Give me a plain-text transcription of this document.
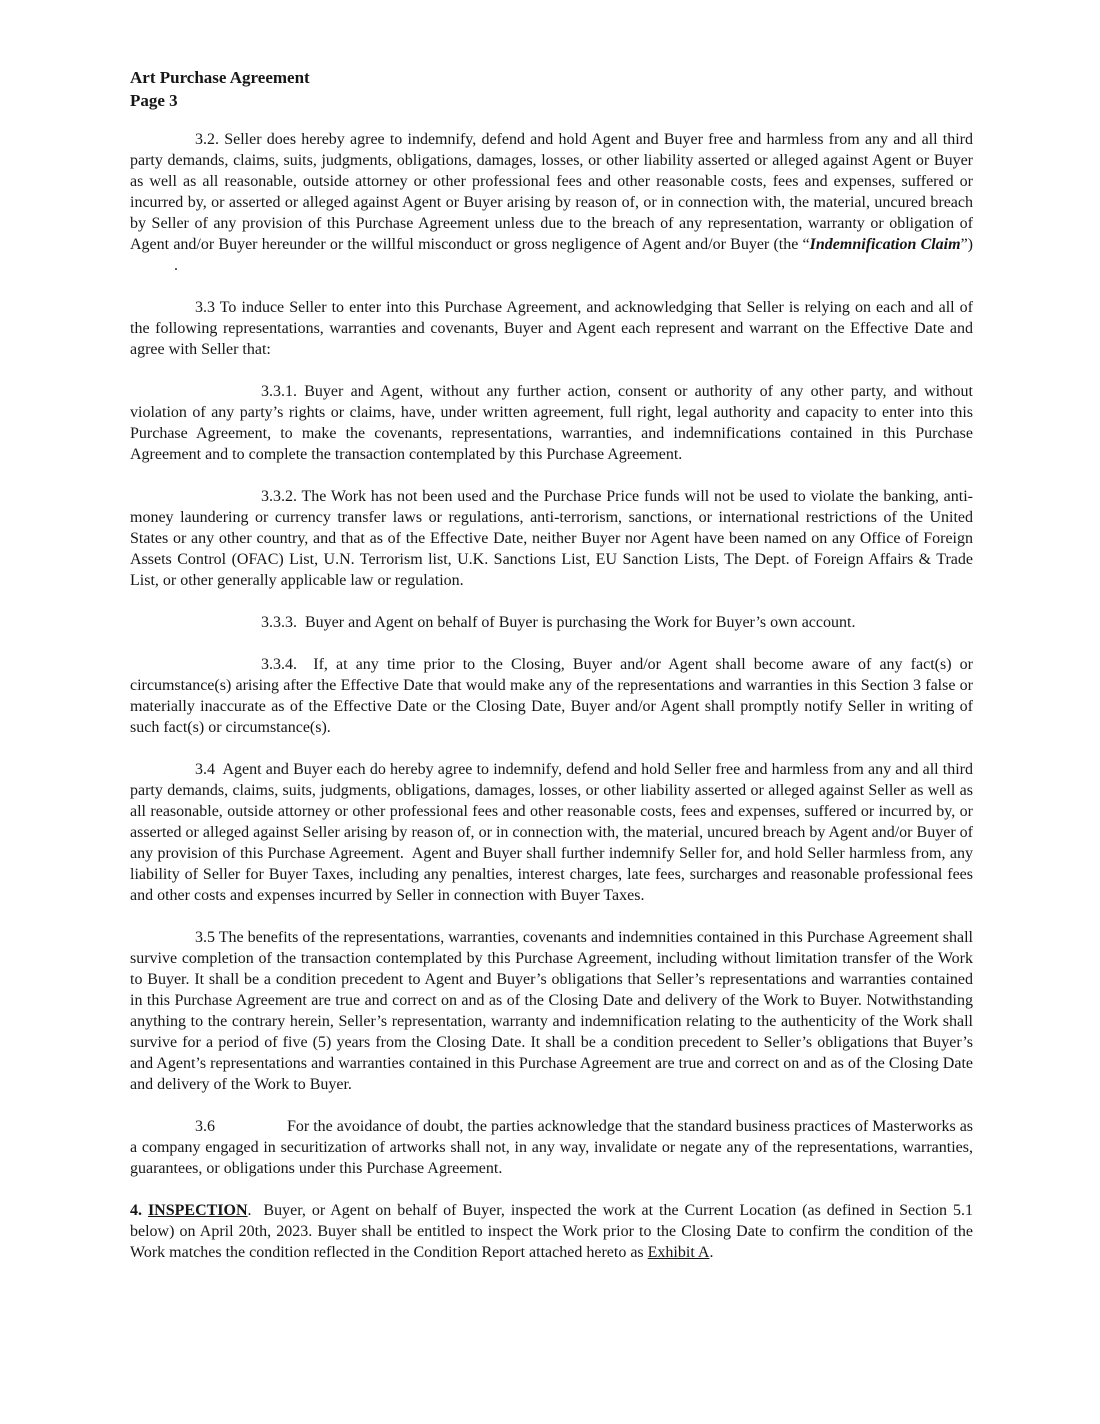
Art Purchase Agreement
Page 3

3.2. Seller does hereby agree to indemnify, defend and hold Agent and Buyer free and harmless from any and all third party demands, claims, suits, judgments, obligations, damages, losses, or other liability asserted or alleged against Agent or Buyer as well as all reasonable, outside attorney or other professional fees and other reasonable costs, fees and expenses, suffered or incurred by, or asserted or alleged against Agent or Buyer arising by reason of, or in connection with, the material, uncured breach by Seller of any provision of this Purchase Agreement unless due to the breach of any representation, warranty or obligation of Agent and/or Buyer hereunder or the willful misconduct or gross negligence of Agent and/or Buyer (the “Indemnification Claim”).

3.3 To induce Seller to enter into this Purchase Agreement, and acknowledging that Seller is relying on each and all of the following representations, warranties and covenants, Buyer and Agent each represent and warrant on the Effective Date and agree with Seller that:

3.3.1. Buyer and Agent, without any further action, consent or authority of any other party, and without violation of any party’s rights or claims, have, under written agreement, full right, legal authority and capacity to enter into this Purchase Agreement, to make the covenants, representations, warranties, and indemnifications contained in this Purchase Agreement and to complete the transaction contemplated by this Purchase Agreement.

3.3.2. The Work has not been used and the Purchase Price funds will not be used to violate the banking, anti-money laundering or currency transfer laws or regulations, anti-terrorism, sanctions, or international restrictions of the United States or any other country, and that as of the Effective Date, neither Buyer nor Agent have been named on any Office of Foreign Assets Control (OFAC) List, U.N. Terrorism list, U.K. Sanctions List, EU Sanction Lists, The Dept. of Foreign Affairs & Trade List, or other generally applicable law or regulation.

3.3.3.  Buyer and Agent on behalf of Buyer is purchasing the Work for Buyer’s own account.

3.3.4.  If, at any time prior to the Closing, Buyer and/or Agent shall become aware of any fact(s) or circumstance(s) arising after the Effective Date that would make any of the representations and warranties in this Section 3 false or materially inaccurate as of the Effective Date or the Closing Date, Buyer and/or Agent shall promptly notify Seller in writing of such fact(s) or circumstance(s).

3.4  Agent and Buyer each do hereby agree to indemnify, defend and hold Seller free and harmless from any and all third party demands, claims, suits, judgments, obligations, damages, losses, or other liability asserted or alleged against Seller as well as all reasonable, outside attorney or other professional fees and other reasonable costs, fees and expenses, suffered or incurred by, or asserted or alleged against Seller arising by reason of, or in connection with, the material, uncured breach by Agent and/or Buyer of any provision of this Purchase Agreement.  Agent and Buyer shall further indemnify Seller for, and hold Seller harmless from, any liability of Seller for Buyer Taxes, including any penalties, interest charges, late fees, surcharges and reasonable professional fees and other costs and expenses incurred by Seller in connection with Buyer Taxes.

3.5 The benefits of the representations, warranties, covenants and indemnities contained in this Purchase Agreement shall survive completion of the transaction contemplated by this Purchase Agreement, including without limitation transfer of the Work to Buyer. It shall be a condition precedent to Agent and Buyer’s obligations that Seller’s representations and warranties contained in this Purchase Agreement are true and correct on and as of the Closing Date and delivery of the Work to Buyer. Notwithstanding anything to the contrary herein, Seller’s representation, warranty and indemnification relating to the authenticity of the Work shall survive for a period of five (5) years from the Closing Date. It shall be a condition precedent to Seller’s obligations that Buyer’s and Agent’s representations and warranties contained in this Purchase Agreement are true and correct on and as of the Closing Date and delivery of the Work to Buyer.

3.6	For the avoidance of doubt, the parties acknowledge that the standard business practices of Masterworks as a company engaged in securitization of artworks shall not, in any way, invalidate or negate any of the representations, warranties, guarantees, or obligations under this Purchase Agreement.

4. INSPECTION.  Buyer, or Agent on behalf of Buyer, inspected the work at the Current Location (as defined in Section 5.1 below) on April 20th, 2023. Buyer shall be entitled to inspect the Work prior to the Closing Date to confirm the condition of the Work matches the condition reflected in the Condition Report attached hereto as Exhibit A.
